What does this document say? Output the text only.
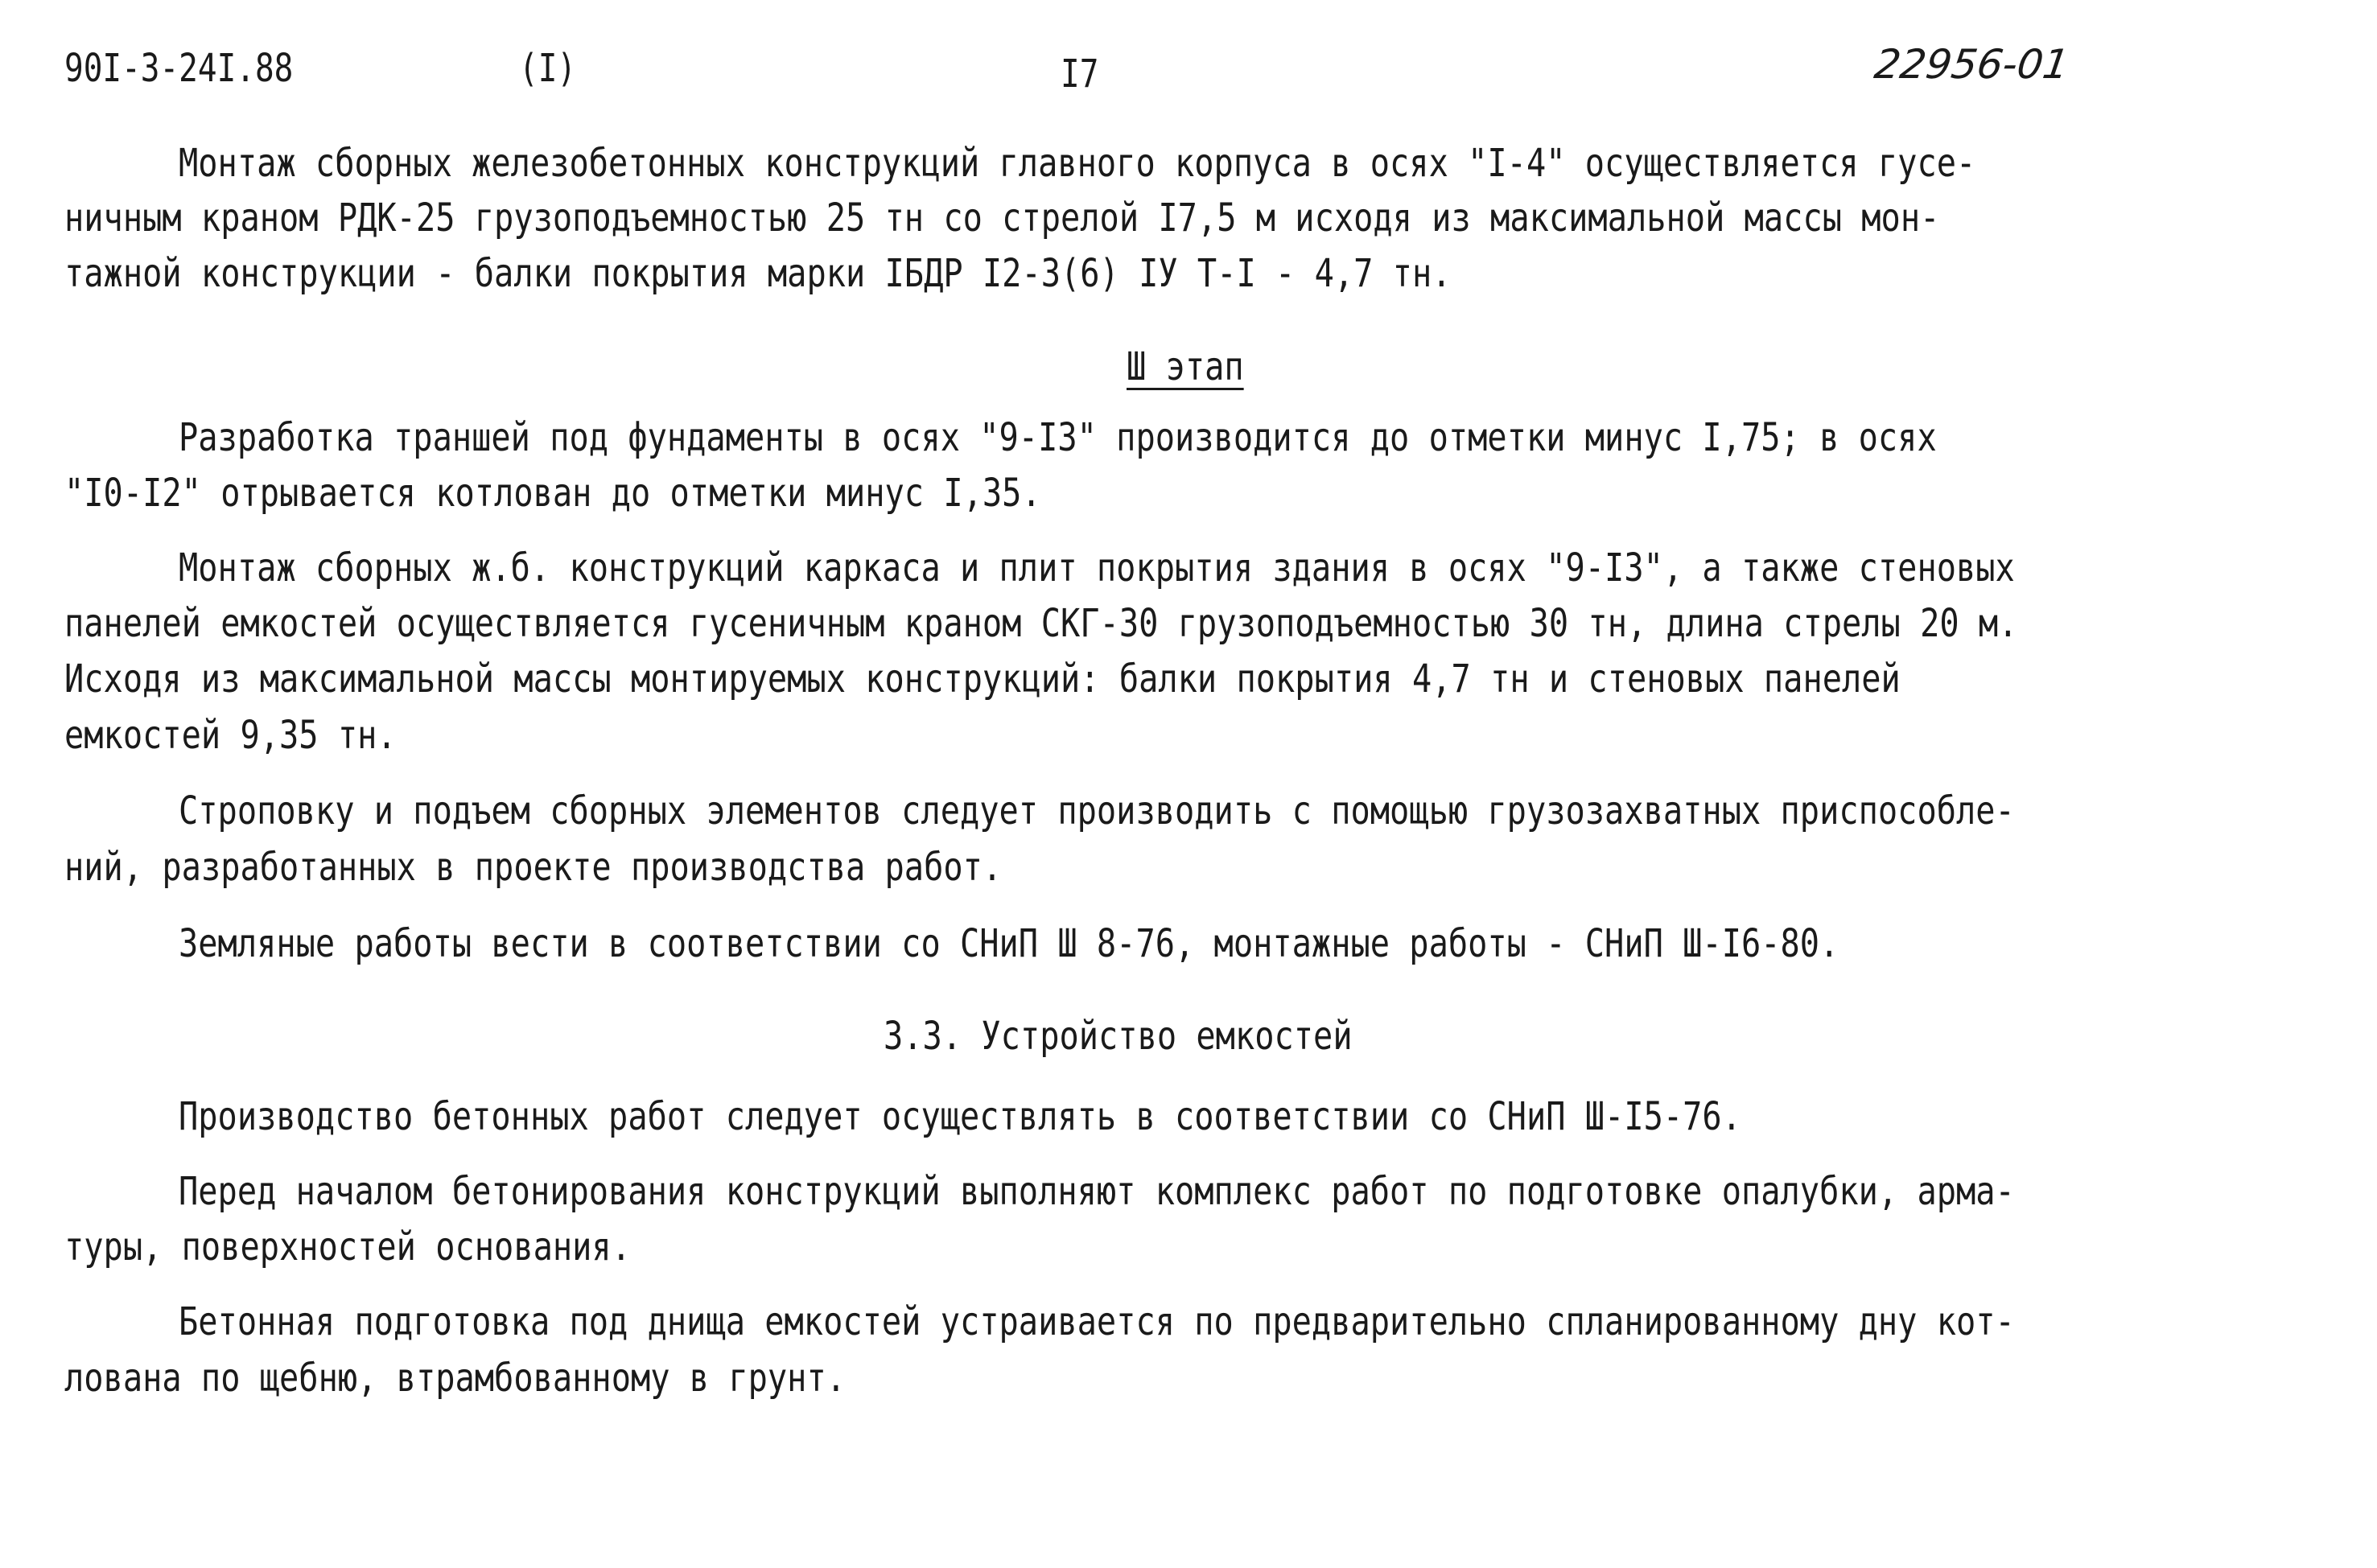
90I-3-24I.88	(I)	I7	22956-01
Монтаж сборных железобетонных конструкций главного корпуса в осях "I-4" осуществляется гусе-
ничным краном РДК-25 грузоподъемностью 25 тн со стрелой I7,5 м исходя из максимальной массы мон-
тажной конструкции - балки покрытия марки IБДР I2-3(6) IУ Т-I - 4,7 тн.
Ш этап
Разработка траншей под фундаменты в осях "9-I3" производится до отметки минус I,75; в осях
"I0-I2" отрывается котлован до отметки минус I,35.
Монтаж сборных ж.б. конструкций каркаса и плит покрытия здания в осях "9-I3", а также стеновых
панелей емкостей осуществляется гусеничным краном СКГ-30 грузоподъемностью 30 тн, длина стрелы 20 м.
Исходя из максимальной массы монтируемых конструкций: балки покрытия 4,7 тн и стеновых панелей
емкостей 9,35 тн.
Строповку и подъем сборных элементов следует производить с помощью грузозахватных приспособле-
ний, разработанных в проекте производства работ.
Земляные работы вести в соответствии со СНиП Ш 8-76, монтажные работы - СНиП Ш-I6-80.
3.3. Устройство емкостей
Производство бетонных работ следует осуществлять в соответствии со СНиП Ш-I5-76.
Перед началом бетонирования конструкций выполняют комплекс работ по подготовке опалубки, арма-
туры, поверхностей основания.
Бетонная подготовка под днища емкостей устраивается по предварительно спланированному дну кот-
лована по щебню, втрамбованному в грунт.
